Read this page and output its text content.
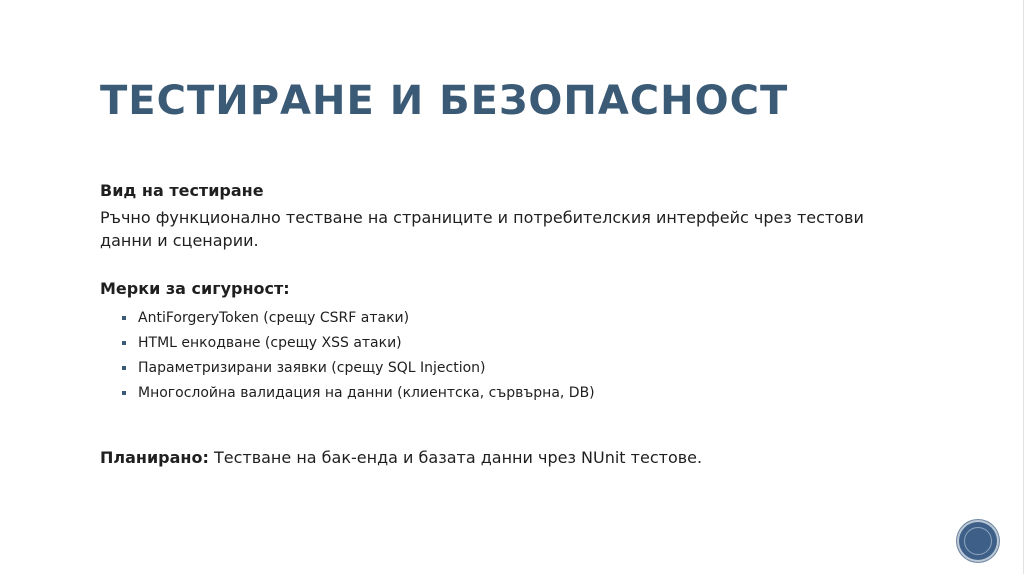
ТЕСТИРАНЕ И БЕЗОПАСНОСТ

Вид на тестиране

Ръчно функционално тестване на страниците и потребителския интерфейс чрез тестови данни и сценарии.

Мерки за сигурност:

AntiForgeryToken (срещу CSRF атаки)
HTML енкодване (срещу XSS атаки)
Параметризирани заявки (срещу SQL Injection)
Многослойна валидация на данни (клиентска, сървърна, DB)

Планирано: Тестване на бак-енда и базата данни чрез NUnit тестове.
